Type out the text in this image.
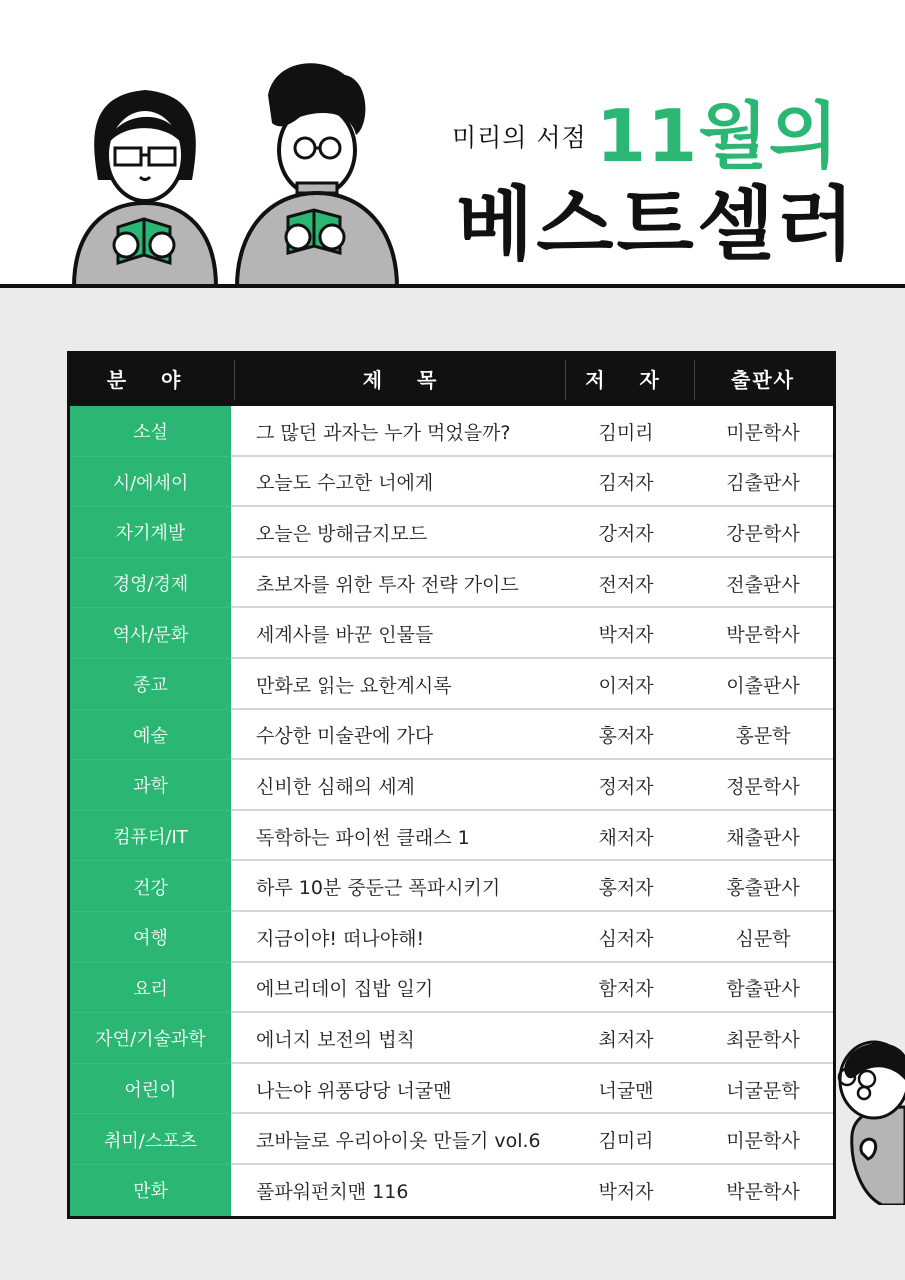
미리의 서점 11월의
베스트셀러
분 야	제 목	저 자	출판사
소설	그 많던 과자는 누가 먹었을까?	김미리	미문학사
시/에세이	오늘도 수고한 너에게	김저자	김출판사
자기계발	오늘은 방해금지모드	강저자	강문학사
경영/경제	초보자를 위한 투자 전략 가이드	전저자	전출판사
역사/문화	세계사를 바꾼 인물들	박저자	박문학사
종교	만화로 읽는 요한계시록	이저자	이출판사
예술	수상한 미술관에 가다	홍저자	홍문학
과학	신비한 심해의 세계	정저자	정문학사
컴퓨터/IT	독학하는 파이썬 클래스 1	채저자	채출판사
건강	하루 10분 중둔근 폭파시키기	홍저자	홍출판사
여행	지금이야! 떠나야해!	심저자	심문학
요리	에브리데이 집밥 일기	함저자	함출판사
자연/기술과학	에너지 보전의 법칙	최저자	최문학사
어린이	나는야 위풍당당 너굴맨	너굴맨	너굴문학
취미/스포츠	코바늘로 우리아이옷 만들기 vol.6	김미리	미문학사
만화	풀파워펀치맨 116	박저자	박문학사
